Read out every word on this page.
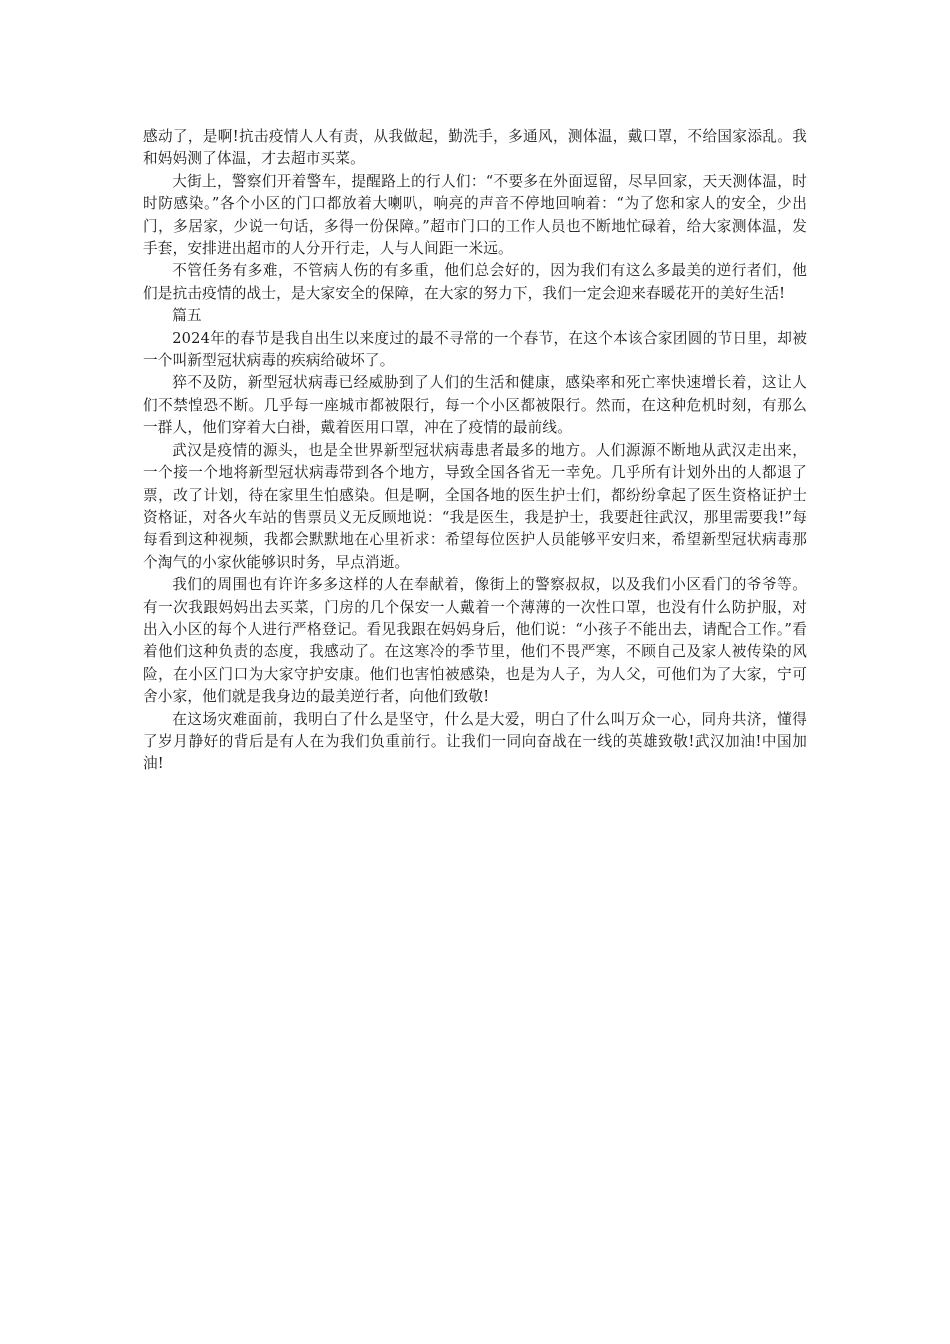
感动了，是啊!抗击疫情人人有责，从我做起，勤洗手，多通风，测体温，戴口罩，不给国家添乱。我和妈妈测了体温，才去超市买菜。

大街上，警察们开着警车，提醒路上的行人们：“不要多在外面逗留，尽早回家，天天测体温，时时防感染。”各个小区的门口都放着大喇叭，响亮的声音不停地回响着：“为了您和家人的安全，少出门，多居家，少说一句话，多得一份保障。”超市门口的工作人员也不断地忙碌着，给大家测体温，发手套，安排进出超市的人分开行走，人与人间距一米远。

不管任务有多难，不管病人伤的有多重，他们总会好的，因为我们有这么多最美的逆行者们，他们是抗击疫情的战士，是大家安全的保障，在大家的努力下，我们一定会迎来春暖花开的美好生活!

篇五

2024年的春节是我自出生以来度过的最不寻常的一个春节，在这个本该合家团圆的节日里，却被一个叫新型冠状病毒的疾病给破坏了。

猝不及防，新型冠状病毒已经威胁到了人们的生活和健康，感染率和死亡率快速增长着，这让人们不禁惶恐不断。几乎每一座城市都被限行，每一个小区都被限行。然而，在这种危机时刻，有那么一群人，他们穿着大白褂，戴着医用口罩，冲在了疫情的最前线。

武汉是疫情的源头，也是全世界新型冠状病毒患者最多的地方。人们源源不断地从武汉走出来，一个接一个地将新型冠状病毒带到各个地方，导致全国各省无一幸免。几乎所有计划外出的人都退了票，改了计划，待在家里生怕感染。但是啊，全国各地的医生护士们，都纷纷拿起了医生资格证护士资格证，对各火车站的售票员义无反顾地说：“我是医生，我是护士，我要赶往武汉，那里需要我!”每每看到这种视频，我都会默默地在心里祈求：希望每位医护人员能够平安归来，希望新型冠状病毒那个淘气的小家伙能够识时务，早点消逝。

我们的周围也有许许多多这样的人在奉献着，像街上的警察叔叔，以及我们小区看门的爷爷等。有一次我跟妈妈出去买菜，门房的几个保安一人戴着一个薄薄的一次性口罩，也没有什么防护服，对出入小区的每个人进行严格登记。看见我跟在妈妈身后，他们说：“小孩子不能出去，请配合工作。”看着他们这种负责的态度，我感动了。在这寒冷的季节里，他们不畏严寒，不顾自己及家人被传染的风险，在小区门口为大家守护安康。他们也害怕被感染，也是为人子，为人父，可他们为了大家，宁可舍小家，他们就是我身边的最美逆行者，向他们致敬!

在这场灾难面前，我明白了什么是坚守，什么是大爱，明白了什么叫万众一心，同舟共济，懂得了岁月静好的背后是有人在为我们负重前行。让我们一同向奋战在一线的英雄致敬!武汉加油!中国加油!
